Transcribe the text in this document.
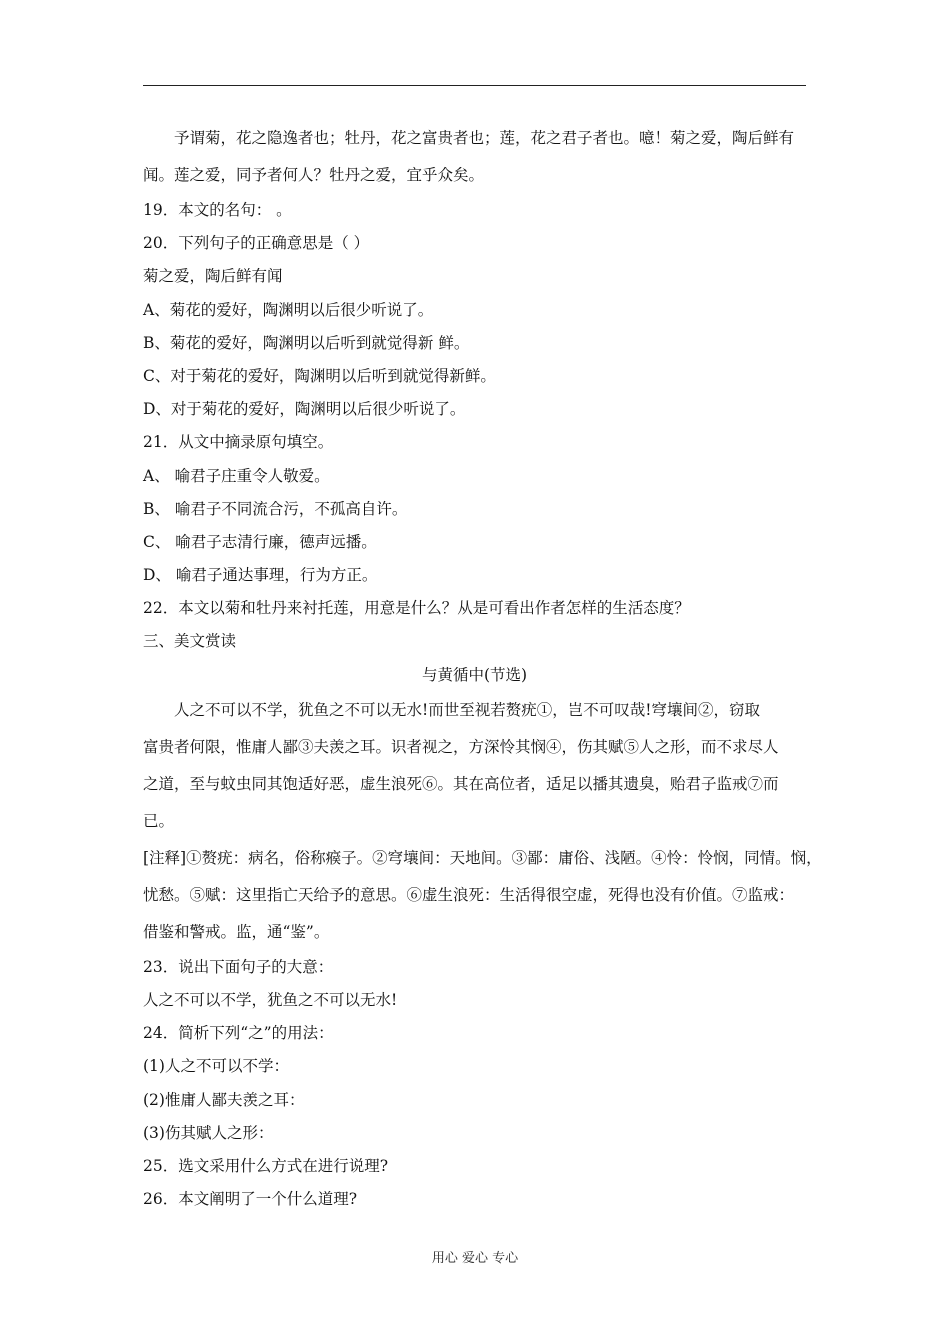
予谓菊，花之隐逸者也；牡丹，花之富贵者也；莲，花之君子者也。噫！菊之爱，陶后鲜有

闻。莲之爱，同予者何人？牡丹之爱，宜乎众矣。

19．本文的名句： 。

20．下列句子的正确意思是（ ）

菊之爱，陶后鲜有闻

A、菊花的爱好，陶渊明以后很少听说了。

B、菊花的爱好，陶渊明以后听到就觉得新 鲜。

C、对于菊花的爱好，陶渊明以后听到就觉得新鲜。

D、对于菊花的爱好，陶渊明以后很少听说了。

21．从文中摘录原句填空。

A、 喻君子庄重令人敬爱。

B、 喻君子不同流合污，不孤高自许。

C、 喻君子志清行廉，德声远播。

D、 喻君子通达事理，行为方正。

22．本文以菊和牡丹来衬托莲，用意是什么？从是可看出作者怎样的生活态度？

三、美文赏读

与黄循中(节选)

人之不可以不学，犹鱼之不可以无水!而世至视若赘疣①，岂不可叹哉!穹壤间②，窃取

富贵者何限，惟庸人鄙③夫羡之耳。识者视之，方深怜其悯④，伤其赋⑤人之形，而不求尽人

之道，至与蚊虫同其饱适好恶，虚生浪死⑥。其在高位者，适足以播其遗臭，贻君子监戒⑦而

已。

[注释]①赘疣：病名，俗称瘊子。②穹壤间：天地间。③鄙：庸俗、浅陋。④怜：怜悯，同情。悯，

忧愁。⑤赋：这里指亡天给予的意思。⑥虚生浪死：生活得很空虚，死得也没有价值。⑦监戒：

借鉴和警戒。监，通“鉴”。

23．说出下面句子的大意：

人之不可以不学，犹鱼之不可以无水!

24．简析下列“之”的用法：

(1)人之不可以不学：

(2)惟庸人鄙夫羡之耳：

(3)伤其赋人之形：

25．选文采用什么方式在进行说理?

26．本文阐明了一个什么道理?

用心 爱心 专心
